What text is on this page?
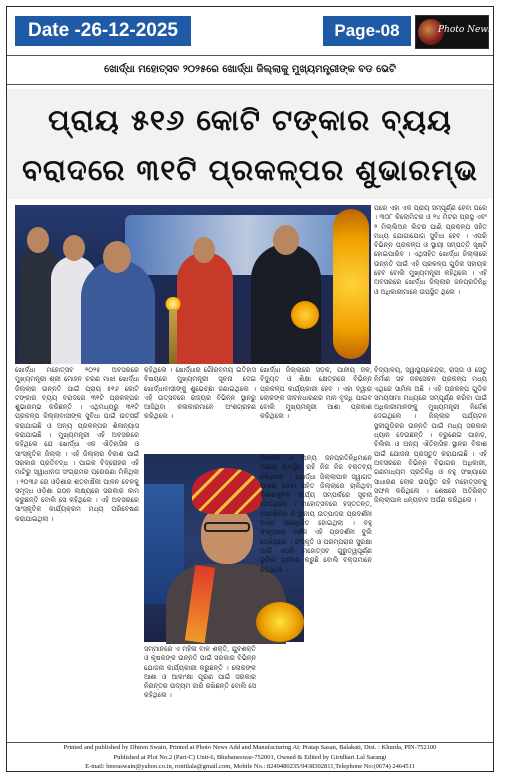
Date -26-12-2025	Page-08	Photo News Times
ଖୋର୍ଦ୍ଧା ମହୋତ୍ସବ ୨୦୨୫ରେ ଖୋର୍ଦ୍ଧା ଜିଲ୍ଲାକୁ ମୁଖ୍ୟମନ୍ତ୍ରୀଙ୍କ ବଡ ଭେଟି
ପ୍ରାୟ ୫୧୬ କୋଟି ଟଙ୍କାର ବ୍ୟୟ
ବରାଦରେ ୩୧ଟି ପ୍ରକଳ୍ପର ଶୁଭାରମ୍ଭ

ପରେ ଏହା ଏକ ପ୍ରାୟ ସମ୍ପୂର୍ଣ୍ଣ ହେବା ପରେ । ୩୦୮ କିଲୋମିଟର ଓ ୨୪ ମିଟର ପ୍ରସ୍ଥ ଏବଂ ୨ ମିଲ୍ଲିଅନ ଲିଟର ପାଣି ପ୍ରକଳ୍ପ ସହିତ ମଧ୍ୟ ଯୋଗାଯୋଗ ସୁବିଧା ହେବ । ଏପରି ବିଭିନ୍ନ ପ୍ରକଳ୍ପ ଓ ସ୍ଥାୟୀ ସମ୍ପତ୍ତି ସୃଷ୍ଟି ହୋଇପାରିବ । ଏଥିସହିତ ଖୋର୍ଦ୍ଧା ଜିଲ୍ଲାରେ ଉନ୍ନତି ପାଇଁ ଏହି ପ୍ରକଳ୍ପ ଗୁଡିକ ସହାୟକ ହେବ ବୋଲି ମୁଖ୍ୟମନ୍ତ୍ରୀ କହିଥିଲେ । ଏହି ଅବସରରେ ଖୋର୍ଦ୍ଧା ଜିଲ୍ଲାର ଜନପ୍ରତିନିଧି ଓ ଅଧିକାରୀମାନେ ଉପସ୍ଥିତ ଥିଲେ ।

ଖୋର୍ଦ୍ଧା ମହୋତ୍ସବ ୨୦୨୫ ଅବସରରେ ମୁଖ୍ୟମନ୍ତ୍ରୀ ଶ୍ରୀ ମୋହନ ଚରଣ ମାଝୀ ଖୋର୍ଦ୍ଧା ଜିଲ୍ଲାର ଉନ୍ନତି ପାଇଁ ପ୍ରାୟ ୫୧୬ କୋଟି ଟଙ୍କାର ବ୍ୟୟ ବରାଦରେ ୩୧ଟି ପ୍ରକଳ୍ପର ଶୁଭାରମ୍ଭ କରିଛନ୍ତି । ଏଥିମଧ୍ୟରୁ ୩୧ଟି ପ୍ରକଳ୍ପ ଜିଲ୍ଲାବାସୀଙ୍କ ସୁବିଧା ପାଇଁ ଉତ୍ସର୍ଗ କରାଯାଇଛି ଓ ଅନ୍ୟ ପ୍ରକଳ୍ପର ଶିଳାନ୍ୟାସ କରାଯାଇଛି । ମୁଖ୍ୟମନ୍ତ୍ରୀ ଏହି ଅବସରରେ କହିଥିଲେ ଯେ ଖୋର୍ଦ୍ଧା ଏକ ଐତିହାସିକ ଓ ସାଂସ୍କୃତିକ ଜିଲ୍ଲା । ଏହି ଜିଲ୍ଲାର ବିକାଶ ପାଇଁ ସରକାର ପ୍ରତିବଦ୍ଧ । ପାଇକ ବିଦ୍ରୋହର ଏହି ମାଟିରୁ ସ୍ୱାଧୀନତା ସଂଗ୍ରାମର ପ୍ରେରଣା ମିଳିଥିଲା । ୨୦୩୬ ରେ ଓଡ଼ିଶାର ଶତବାର୍ଷିକୀ ପାଳନ ବେଳକୁ ସମୃଦ୍ଧ ଓଡ଼ିଶା ଗଠନ ଲକ୍ଷ୍ୟରେ ସରକାର କାମ କରୁଛନ୍ତି ବୋଲି ସେ କହିଥିଲେ । ଏହି ଅବସରରେ ସାଂସ୍କୃତିକ କାର୍ଯ୍ୟକ୍ରମ ମଧ୍ୟ ପରିବେଷଣ କରାଯାଇଥିଲା ।

କହିଥିଲେ । ଖୋର୍ଦ୍ଧାର ଗୌରବମୟ ଇତିହାସ ବିଷୟରେ ମୁଖ୍ୟମନ୍ତ୍ରୀ ସୂଚନା ଦେଇ ଖୋର୍ଦ୍ଧାବାସୀଙ୍କୁ ଶୁଭେଚ୍ଛା ଜଣାଇଥିଲେ । ଏହି ଉତ୍ସବରେ ରାଜ୍ୟର ବିଭିନ୍ନ ସ୍ଥାନରୁ ଆସିଥିବା କଳାକାରମାନେ ଅଂଶଗ୍ରହଣ କରିଥିଲେ ।

ଖୋର୍ଦ୍ଧା ଜିଲ୍ଲାରେ ସଡ଼କ, ପାନୀୟ ଜଳ, ବିଦ୍ୟୁତ ଓ ଶିକ୍ଷା କ୍ଷେତ୍ରରେ ବିଭିନ୍ନ ପ୍ରକଳ୍ପ କାର୍ଯ୍ୟକାରୀ ହେବ । ଏହା ଦ୍ୱାରା ଲୋକଙ୍କ ଜୀବନଧାରଣର ମାନ ବୃଦ୍ଧି ପାଇବ ବୋଲି ମୁଖ୍ୟମନ୍ତ୍ରୀ ଆଶା ପ୍ରକାଶ କରିଥିଲେ ।

ବିଦ୍ୟାଳୟ, ସ୍ୱାସ୍ଥ୍ୟକେନ୍ଦ୍ର, ରାସ୍ତା ଓ ସେତୁ ନିର୍ମାଣ ସହ ଜଳସେଚନ ପ୍ରକଳ୍ପ ମଧ୍ୟ ଏଥିରେ ସାମିଲ ଅଛି । ଏହି ପ୍ରକଳ୍ପ ଗୁଡିକ ସମୟସୀମା ମଧ୍ୟରେ ସମ୍ପୂର୍ଣ୍ଣ କରିବା ପାଇଁ ଅଧିକାରୀମାନଙ୍କୁ ମୁଖ୍ୟମନ୍ତ୍ରୀ ନିର୍ଦ୍ଦେଶ ଦେଇଥିଲେ । ଜିଲ୍ଲାର ପର୍ଯ୍ୟଟନ ସ୍ଥଳୀଗୁଡ଼ିକର ଉନ୍ନତି ପାଇଁ ମଧ୍ୟ ସରକାର ଧ୍ୟାନ ଦେଉଛନ୍ତି । ବରୁଣେଇ ପାହାଡ଼, ଚିଲିକା ଓ ଅନ୍ୟ ଐତିହାସିକ ସ୍ଥାନର ବିକାଶ ପାଇଁ ଯୋଜନା ପ୍ରସ୍ତୁତ କରାଯାଇଛି । ଏହି ଅବସରରେ ବିଭିନ୍ନ ବିଭାଗର ଅଧିକାରୀ, ଗଣମାଧ୍ୟମ ପ୍ରତିନିଧି ଓ ବହୁ ସଂଖ୍ୟାରେ ସାଧାରଣ ଲୋକ ଉପସ୍ଥିତ ରହି ମହୋତ୍ସବକୁ ସଫଳ କରିଥିଲେ । ଶେଷରେ ଅତିରିକ୍ତ ଜିଲ୍ଲାପାଳ ଧନ୍ୟବାଦ ଅର୍ପଣ କରିଥିଲେ ।

ସମ୍ମାନରେ ଏ ମହିଳା ବାଳ ଶକ୍ତି, ଯୁବଶକ୍ତି ଓ କୃଷକଙ୍କ ଉନ୍ନତି ପାଇଁ ସରକାର ବିଭିନ୍ନ ଯୋଜନା କାର୍ଯ୍ୟକାରୀ କରୁଛନ୍ତି । ଲୋକଙ୍କ ଆଶା ଓ ଆକାଂକ୍ଷା ପୂରଣ ପାଇଁ ସରକାର ନିରନ୍ତର ଉଦ୍ୟମ ଜାରି ରଖିଛନ୍ତି ବୋଲି ସେ କହିଥିଲେ ।

ବିଧାୟକ ଓ ଅନ୍ୟ ଜନପ୍ରତିନିଧିମାନେ ମଞ୍ଚରେ ଉପସ୍ଥିତ ରହି ନିଜ ନିଜ ବକ୍ତବ୍ୟ ରଖିଥିଲେ । ଖୋର୍ଦ୍ଧା ଜିଲ୍ଲାପାଳ ସ୍ୱାଗତ ଭାଷଣ ଦେବା ସହିତ ଜିଲ୍ଲାରେ ଚାଲିଥିବା ବିକାଶମୂଳକ କାର୍ଯ୍ୟ ସମ୍ପର୍କରେ ସୂଚନା ଦେଇଥିଲେ । ମହୋତ୍ସବରେ ହସ୍ତତନ୍ତ, ହସ୍ତଶିଳ୍ପ ଓ ସ୍ଥାନୀୟ ଉତ୍ପାଦର ପ୍ରଦର୍ଶନୀ ମଧ୍ୟ ଆୟୋଜିତ ହୋଇଥିଲା । ବହୁ ସଂଖ୍ୟାରେ ଦର୍ଶକ ଏହି ପ୍ରଦର୍ଶନୀ ବୁଲି ଦେଖିଥିଲେ । ସଂସ୍କୃତି ଓ ପରମ୍ପରାର ସୁରକ୍ଷା ପାଇଁ ଏପରି ମହୋତ୍ସବ ଗୁରୁତ୍ୱପୂର୍ଣ୍ଣ ଭୂମିକା ଗ୍ରହଣ କରୁଛି ବୋଲି ବକ୍ତାମାନେ କହିଥିଲେ ।

Printed and published by Dhiren Swain, Printed at Photo News Add and Manufacturing At: Pratap Sasan, Balakati, Dist. : Khurda, PIN-752100
Published at Plot No.2 (Part-C) Unit-6, Bhubaneswar-752001, Owned & Edited by Giridhari Lal Sarangi
E-mail: beeraswain@yahoo.co.in, ronitlala@gmail.com, Mobile No.: 8249480235/9438302811,Telephone No:(0674) 2464511
